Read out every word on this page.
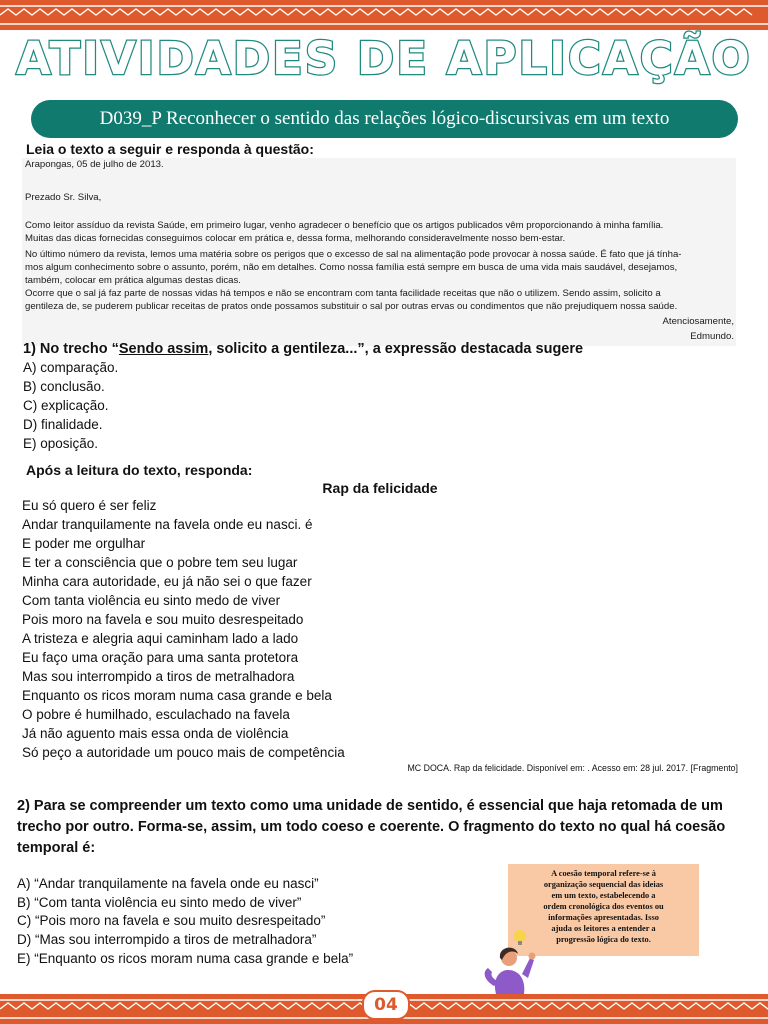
ATIVIDADES DE APLICAÇÃO
D039_P Reconhecer o sentido das relações lógico-discursivas em um texto
Leia o texto a seguir e responda à questão:
Arapongas, 05 de julho de 2013.
Prezado Sr. Silva,
Como leitor assíduo da revista Saúde, em primeiro lugar, venho agradecer o benefício que os artigos publicados vêm proporcionando à minha família.
Muitas das dicas fornecidas conseguimos colocar em prática e, dessa forma, melhorando consideravelmente nosso bem-estar.
No último número da revista, lemos uma matéria sobre os perigos que o excesso de sal na alimentação pode provocar à nossa saúde. É fato que já tínha-
mos algum conhecimento sobre o assunto, porém, não em detalhes. Como nossa família está sempre em busca de uma vida mais saudável, desejamos,
também, colocar em prática algumas destas dicas.
Ocorre que o sal já faz parte de nossas vidas há tempos e não se encontram com tanta facilidade receitas que não o utilizem. Sendo assim, solicito a
gentileza de, se puderem publicar receitas de pratos onde possamos substituir o sal por outras ervas ou condimentos que não prejudiquem nossa saúde.
Atenciosamente,
Edmundo.
1) No trecho “Sendo assim, solicito a gentileza...”, a expressão destacada sugere
A) comparação.
B) conclusão.
C) explicação.
D) finalidade.
E) oposição.
Após a leitura do texto, responda:
Rap da felicidade
Eu só quero é ser feliz
Andar tranquilamente na favela onde eu nasci. é
E poder me orgulhar
E ter a consciência que o pobre tem seu lugar
Minha cara autoridade, eu já não sei o que fazer
Com tanta violência eu sinto medo de viver
Pois moro na favela e sou muito desrespeitado
A tristeza e alegria aqui caminham lado a lado
Eu faço uma oração para uma santa protetora
Mas sou interrompido a tiros de metralhadora
Enquanto os ricos moram numa casa grande e bela
O pobre é humilhado, esculachado na favela
Já não aguento mais essa onda de violência
Só peço a autoridade um pouco mais de competência
MC DOCA. Rap da felicidade. Disponível em: . Acesso em: 28 jul. 2017. [Fragmento]
2) Para se compreender um texto como uma unidade de sentido, é essencial que haja retomada de um
trecho por outro. Forma-se, assim, um todo coeso e coerente. O fragmento do texto no qual há coesão
temporal é:
A) “Andar tranquilamente na favela onde eu nasci”
B) “Com tanta violência eu sinto medo de viver”
C) “Pois moro na favela e sou muito desrespeitado”
D) “Mas sou interrompido a tiros de metralhadora”
E) “Enquanto os ricos moram numa casa grande e bela”
A coesão temporal refere-se à
organização sequencial das ideias
em um texto, estabelecendo a
ordem cronológica dos eventos ou
informações apresentadas. Isso
ajuda os leitores a entender a
progressão lógica do texto.
04
